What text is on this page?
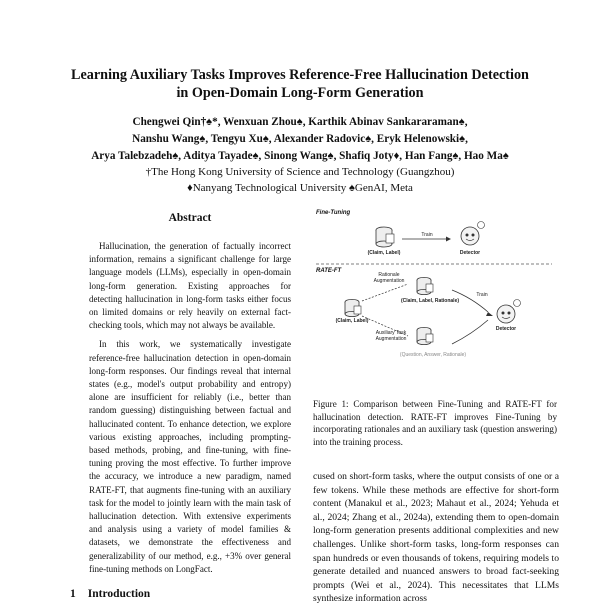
Learning Auxiliary Tasks Improves Reference-Free Hallucination Detection
in Open-Domain Long-Form Generation
Chengwei Qin†♠*, Wenxuan Zhou♠, Karthik Abinav Sankararaman♠,
Nanshu Wang♠, Tengyu Xu♠, Alexander Radovic♠, Eryk Helenowski♠,
Arya Talebzadeh♠, Aditya Tayade♠, Sinong Wang♠, Shafiq Joty♦, Han Fang♠, Hao Ma♠
†The Hong Kong University of Science and Technology (Guangzhou)
♦Nanyang Technological University ♠GenAI, Meta
Abstract

Hallucination, the generation of factually incorrect information, remains a significant challenge for large language models (LLMs), especially in open-domain long-form generation. Existing approaches for detecting hallucination in long-form tasks either focus on limited domains or rely heavily on external fact-checking tools, which may not always be available.

In this work, we systematically investigate reference-free hallucination detection in open-domain long-form responses. Our findings reveal that internal states (e.g., model's output probability and entropy) alone are insufficient for reliably (i.e., better than random guessing) distinguishing between factual and hallucinated content. To enhance detection, we explore various existing approaches, including prompting-based methods, probing, and fine-tuning, with fine-tuning proving the most effective. To further improve the accuracy, we introduce a new paradigm, named RATE-FT, that augments fine-tuning with an auxiliary task for the model to jointly learn with the main task of hallucination detection. With extensive experiments and analysis using a variety of model families & datasets, we demonstrate the effectiveness and generalizability of our method, e.g., +3% over general fine-tuning methods on LongFact.

1 Introduction
Fine-Tuning
(Claim, Label)
Train
Detector
RATE-FT
Rationale Augmentation
(Claim, Label, Rationale)
(Claim, Label)
Auxiliary Task Augmentation
(Question, Answer, Rationale)
Train
Detector
Figure 1: Comparison between Fine-Tuning and RATE-FT for hallucination detection. RATE-FT improves Fine-Tuning by incorporating rationales and an auxiliary task (question answering) into the training process.

cused on short-form tasks, where the output consists of one or a few tokens. While these methods are effective for short-form content (Manakul et al., 2023; Mahaut et al., 2024; Yehuda et al., 2024; Zhang et al., 2024a), extending them to open-domain long-form generation presents additional complexities and new challenges. Unlike short-form tasks, long-form responses can span hundreds or even thousands of tokens, requiring models to generate detailed and nuanced answers to broad fact-seeking prompts (Wei et al., 2024). This necessitates that LLMs synthesize information across
